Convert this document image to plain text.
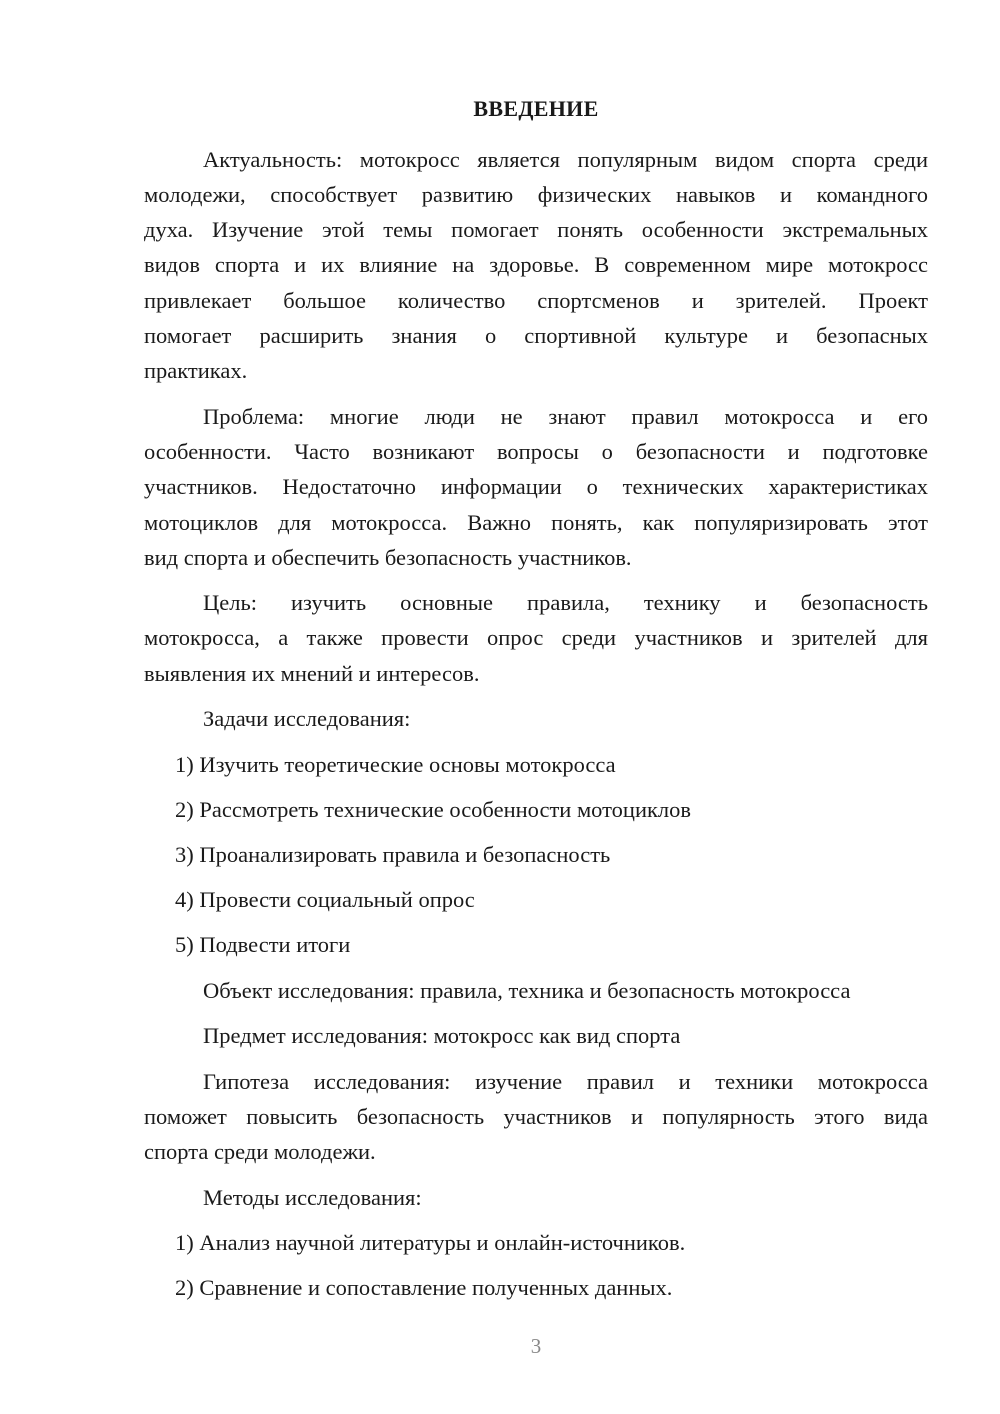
ВВЕДЕНИЕ
Актуальность: мотокросс является популярным видом спорта среди
молодежи, способствует развитию физических навыков и командного
духа. Изучение этой темы помогает понять особенности экстремальных
видов спорта и их влияние на здоровье. В современном мире мотокросс
привлекает большое количество спортсменов и зрителей. Проект
помогает расширить знания о спортивной культуре и безопасных
практиках.
Проблема: многие люди не знают правил мотокросса и его
особенности. Часто возникают вопросы о безопасности и подготовке
участников. Недостаточно информации о технических характеристиках
мотоциклов для мотокросса. Важно понять, как популяризировать этот
вид спорта и обеспечить безопасность участников.
Цель: изучить основные правила, технику и безопасность
мотокросса, а также провести опрос среди участников и зрителей для
выявления их мнений и интересов.
Задачи исследования:
1) Изучить теоретические основы мотокросса
2) Рассмотреть технические особенности мотоциклов
3) Проанализировать правила и безопасность
4) Провести социальный опрос
5) Подвести итоги
Объект исследования: правила, техника и безопасность мотокросса
Предмет исследования: мотокросс как вид спорта
Гипотеза исследования: изучение правил и техники мотокросса
поможет повысить безопасность участников и популярность этого вида
спорта среди молодежи.
Методы исследования:
1) Анализ научной литературы и онлайн-источников.
2) Сравнение и сопоставление полученных данных.
3
